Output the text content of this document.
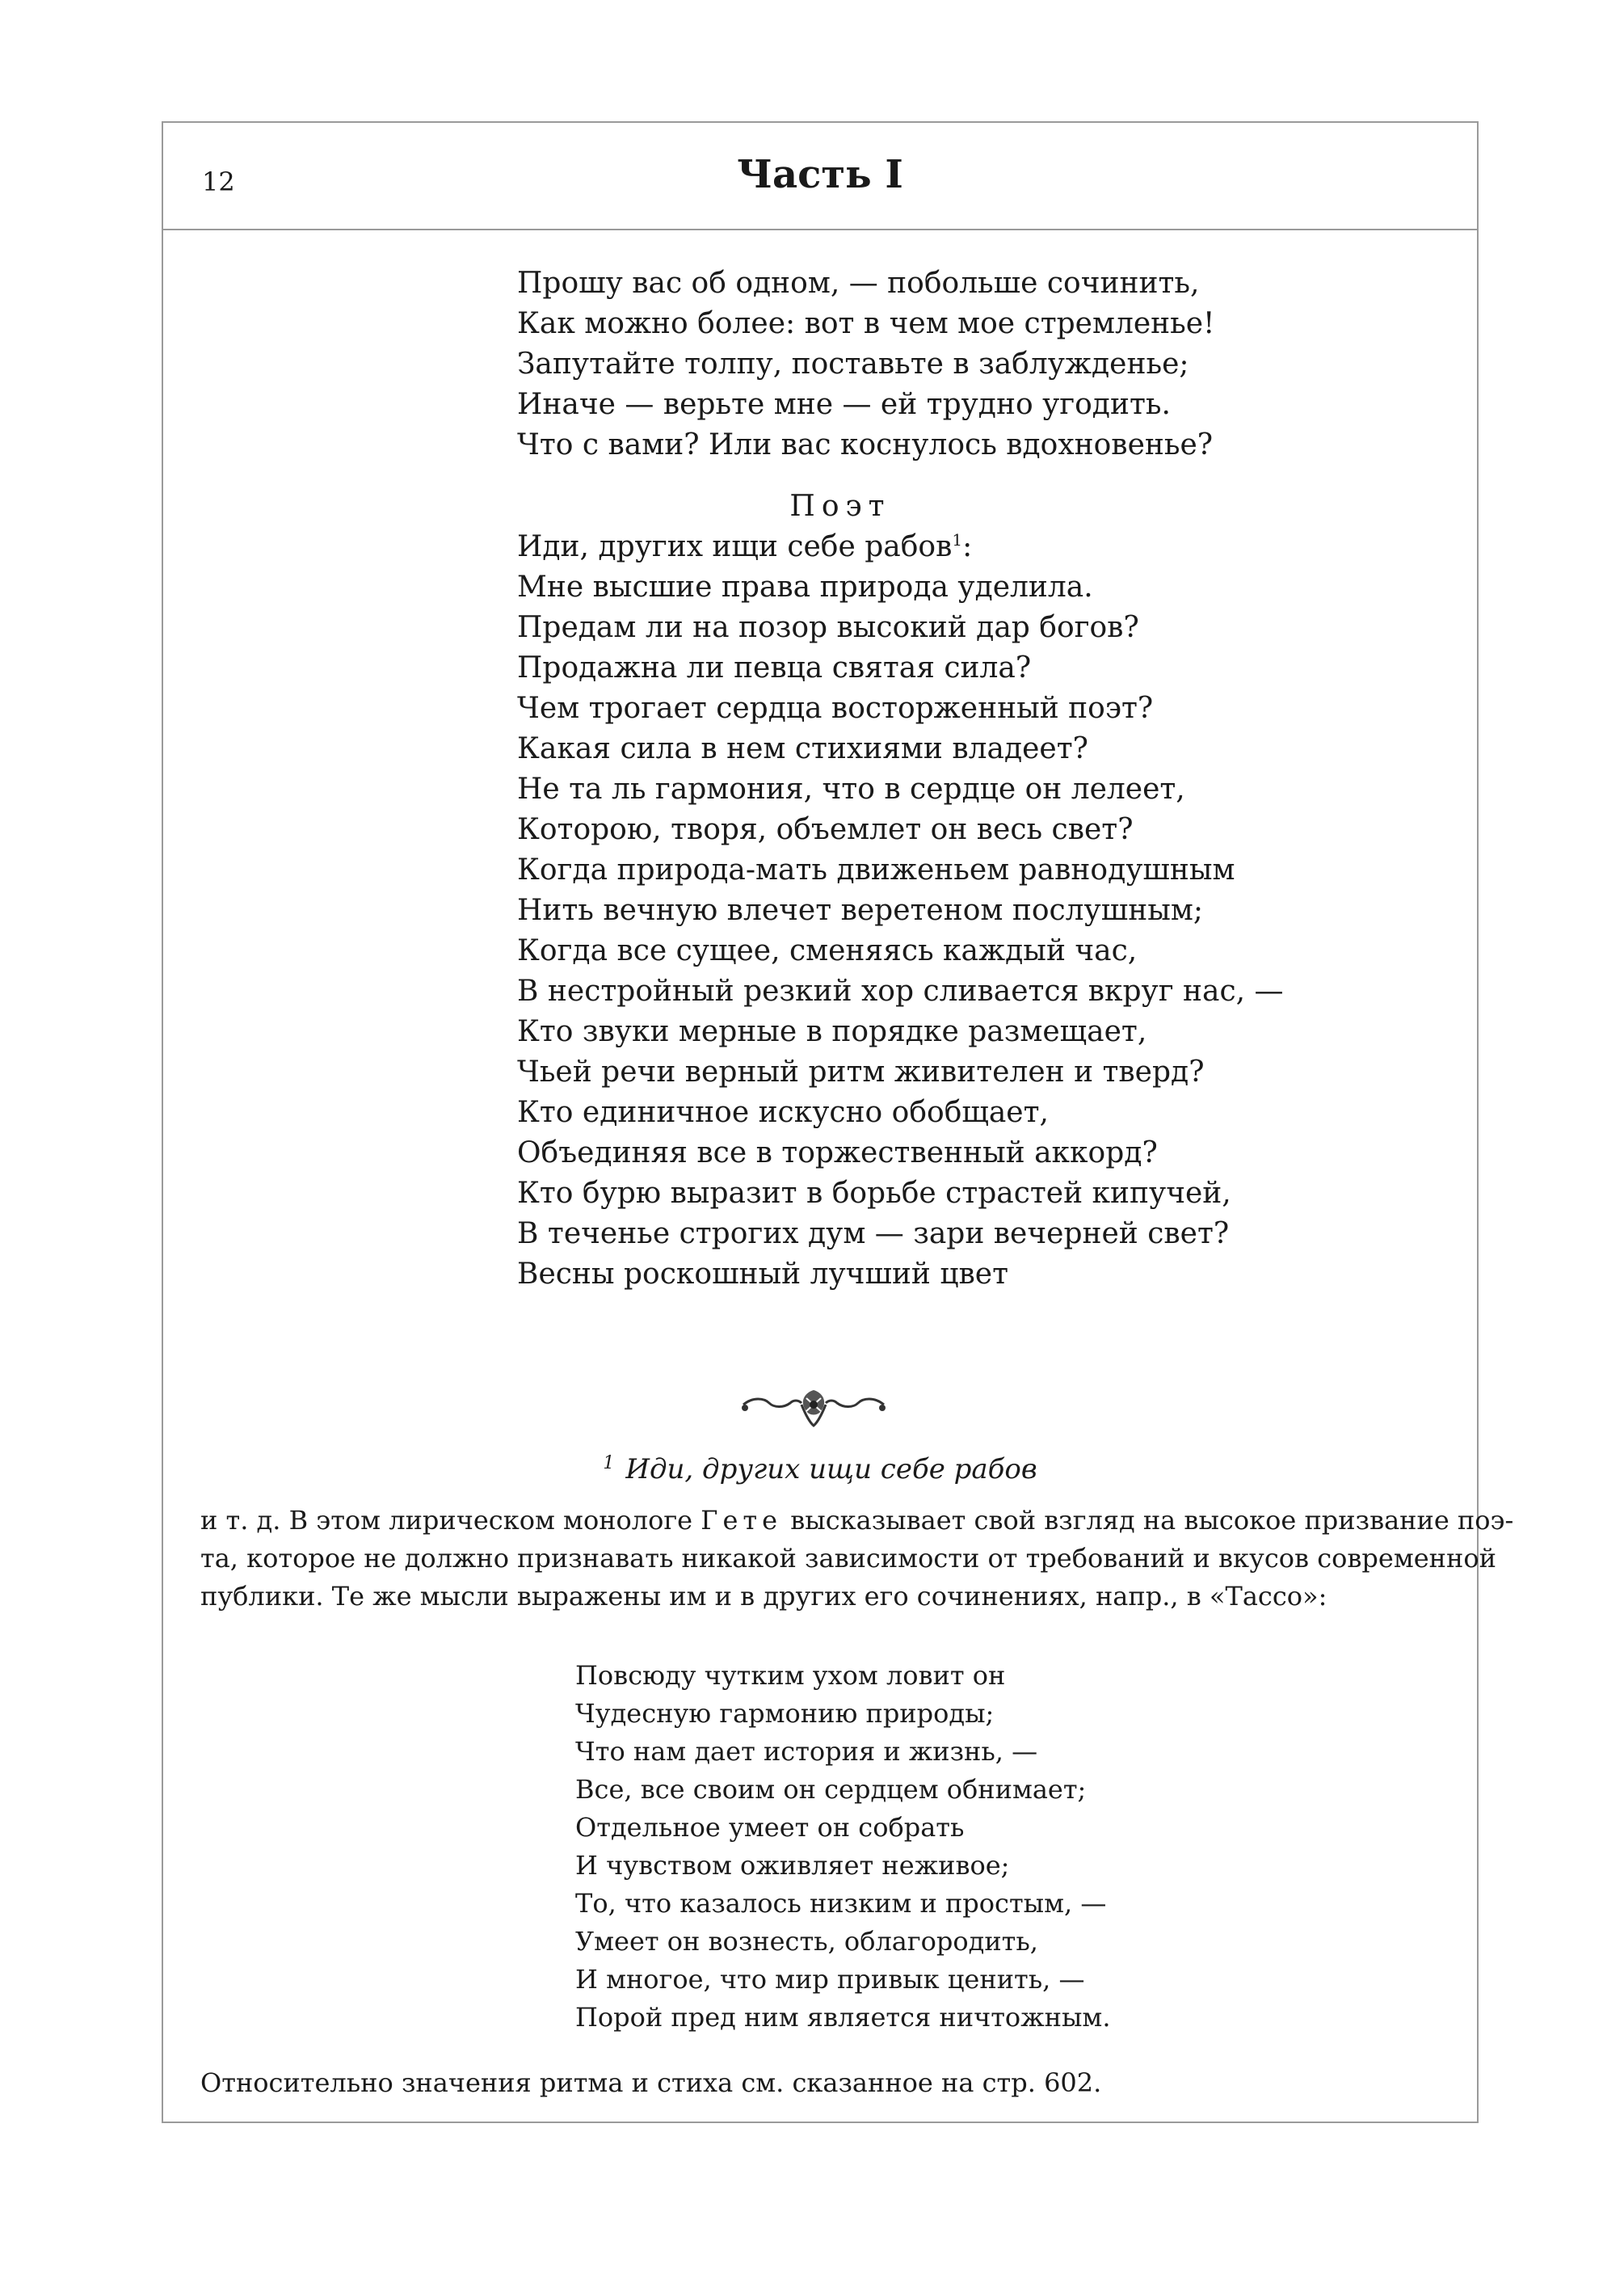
12	Часть I
Прошу вас об одном, — побольше сочинить,
Как можно более: вот в чем мое стремленье!
Запутайте толпу, поставьте в заблужденье;
Иначе — верьте мне — ей трудно угодить.
Что с вами? Или вас коснулось вдохновенье?
Поэт
Иди, других ищи себе рабов$^1$:
Мне высшие права природа уделила.
Предам ли на позор высокий дар богов?
Продажна ли певца святая сила?
Чем трогает сердца восторженный поэт?
Какая сила в нем стихиями владеет?
Не та ль гармония, что в сердце он лелеет,
Которою, творя, объемлет он весь свет?
Когда природа-мать движеньем равнодушным
Нить вечную влечет веретеном послушным;
Когда все сущее, сменяясь каждый час,
В нестройный резкий хор сливается вкруг нас, —
Кто звуки мерные в порядке размещает,
Чьей речи верный ритм живителен и тверд?
Кто единичное искусно обобщает,
Объединяя все в торжественный аккорд?
Кто бурю выразит в борьбе страстей кипучей,
В теченье строгих дум — зари вечерней свет?
Весны роскошный лучший цвет
$^1$ Иди, других ищи себе рабов
и т. д. В этом лирическом монологе Гете высказывает свой взгляд на высокое призвание поэ-
та, которое не должно признавать никакой зависимости от требований и вкусов современной
публики. Те же мысли выражены им и в других его сочинениях, напр., в «Тассо»:
Повсюду чутким ухом ловит он
Чудесную гармонию природы;
Что нам дает история и жизнь, —
Все, все своим он сердцем обнимает;
Отдельное умеет он собрать
И чувством оживляет неживое;
То, что казалось низким и простым, —
Умеет он вознесть, облагородить,
И многое, что мир привык ценить, —
Порой пред ним является ничтожным.
Относительно значения ритма и стиха см. сказанное на стр. 602.
